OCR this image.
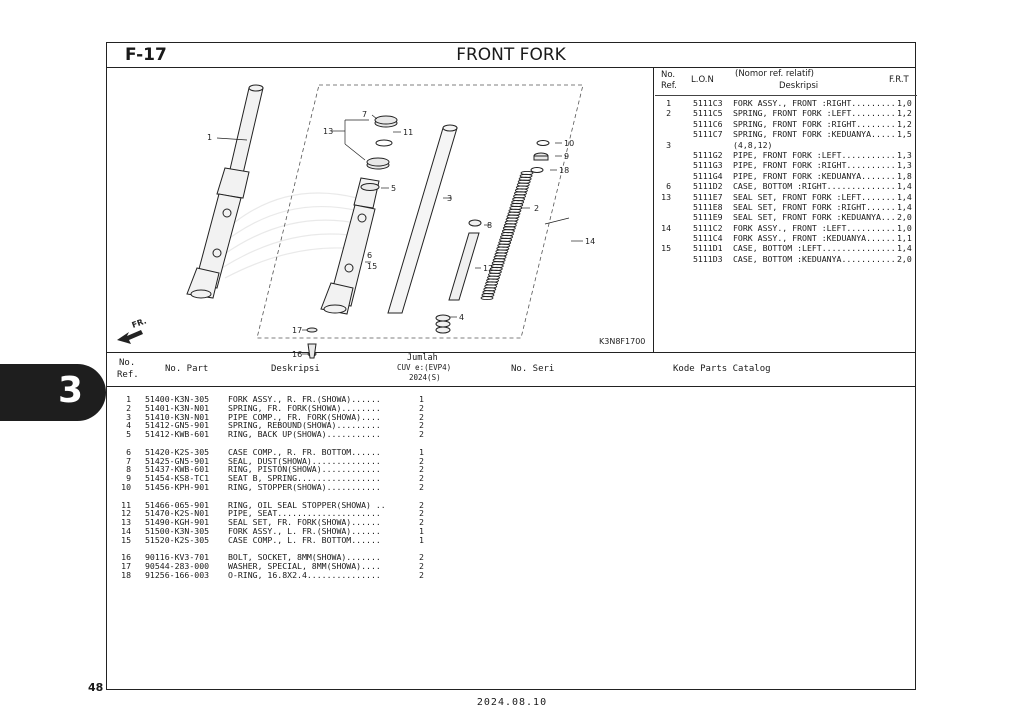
3
48
2024.08.10
F-17	FRONT FORK
FR.
K3N8F1700
1
2
3
4
5
6
7
8
9
10
11
12
13
14
15
16
17
18
No.
Ref.
L.O.N
(Nomor ref. relatif)
Deskripsi
F.R.T
1	5111C3 FORK ASSY., FRONT :RIGHT......... 1,0
2	5111C5 SPRING, FRONT FORK :LEFT......... 1,2
5111C6 SPRING, FRONT FORK :RIGHT........ 1,2
5111C7 SPRING, FRONT FORK :KEDUANYA..... 1,5
3	(4,8,12)
5111G2 PIPE, FRONT FORK :LEFT........... 1,3
5111G3 PIPE, FRONT FORK :RIGHT.......... 1,3
5111G4 PIPE, FRONT FORK :KEDUANYA....... 1,8
6	5111D2 CASE, BOTTOM :RIGHT.............. 1,4
13	5111E7 SEAL SET, FRONT FORK :LEFT....... 1,4
5111E8 SEAL SET, FRONT FORK :RIGHT...... 1,4
5111E9 SEAL SET, FRONT FORK :KEDUANYA... 2,0
14	5111C2 FORK ASSY., FRONT :LEFT.......... 1,0
5111C4 FORK ASSY., FRONT :KEDUANYA...... 1,1
15	5111D1 CASE, BOTTOM :LEFT............... 1,4
5111D3 CASE, BOTTOM :KEDUANYA........... 2,0
No.
Ref.
No. Part	Deskripsi
Jumlah
CUV e:(EVP4)
2024(S)
No. Seri	Kode Parts Catalog
1 51400-K3N-305 FORK ASSY., R. FR.(SHOWA)......	1
2 51401-K3N-N01 SPRING, FR. FORK(SHOWA)........	2
3 51410-K3N-N01 PIPE COMP., FR. FORK(SHOWA)....	2
4 51412-GN5-901 SPRING, REBOUND(SHOWA).........	2
5 51412-KWB-601 RING, BACK UP(SHOWA)...........	2
6 51420-K2S-305 CASE COMP., R. FR. BOTTOM......	1
7 51425-GN5-901 SEAL, DUST(SHOWA)..............	2
8 51437-KWB-601 RING, PISTON(SHOWA)............	2
9 51454-KS8-TC1 SEAT B, SPRING.................	2
10 51456-KPH-901 RING, STOPPER(SHOWA)...........	2
11 51466-065-901 RING, OIL SEAL STOPPER(SHOWA) ..	2
12 51470-K2S-N01 PIPE, SEAT.....................	2
13 51490-KGH-901 SEAL SET, FR. FORK(SHOWA)......	2
14 51500-K3N-305 FORK ASSY., L. FR.(SHOWA)......	1
15 51520-K2S-305 CASE COMP., L. FR. BOTTOM......	1
16 90116-KV3-701 BOLT, SOCKET, 8MM(SHOWA).......	2
17 90544-283-000 WASHER, SPECIAL, 8MM(SHOWA)....	2
18 91256-166-003 O-RING, 16.8X2.4...............	2
